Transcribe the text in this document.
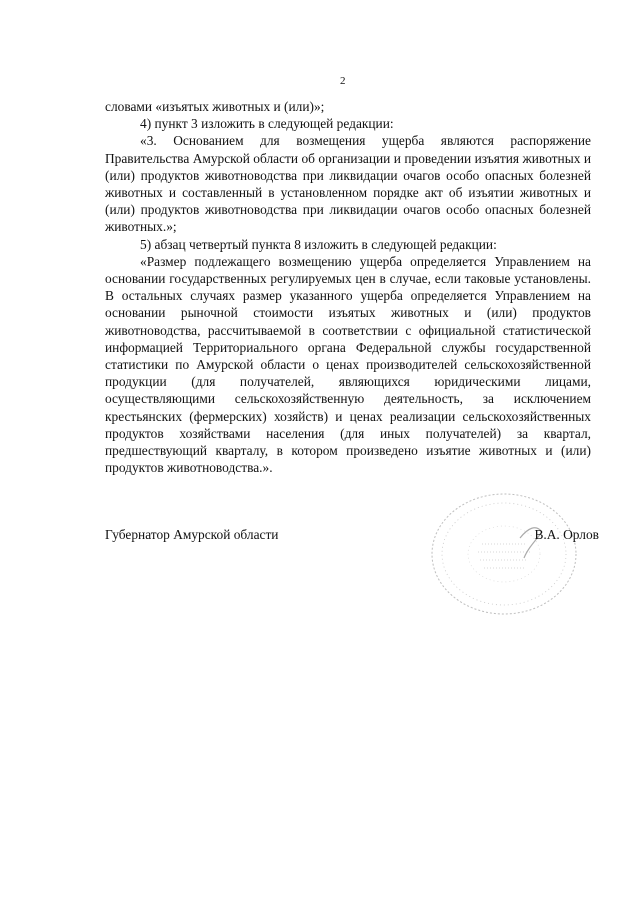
2

словами «изъятых животных и (или)»;

4) пункт 3 изложить в следующей редакции:

«3. Основанием для возмещения ущерба являются распоряжение Правительства Амурской области об организации и проведении изъятия животных и (или) продуктов животноводства при ликвидации очагов особо опасных болезней животных и составленный в установленном порядке акт об изъятии животных и (или) продуктов животноводства при ликвидации очагов особо опасных болезней животных.»;

5) абзац четвертый пункта 8 изложить в следующей редакции:

«Размер подлежащего возмещению ущерба определяется Управлением на основании государственных регулируемых цен в случае, если таковые установлены. В остальных случаях размер указанного ущерба определяется Управлением на основании рыночной стоимости изъятых животных и (или) продуктов животноводства, рассчитываемой в соответствии с официальной статистической информацией Территориального органа Федеральной службы государственной статистики по Амурской области о ценах производителей сельскохозяйственной продукции (для получателей, являющихся юридическими лицами, осуществляющими сельскохозяйственную деятельность, за исключением крестьянских (фермерских) хозяйств) и ценах реализации сельскохозяйственных продуктов хозяйствами населения (для иных получателей) за квартал, предшествующий кварталу, в котором произведено изъятие животных и (или) продуктов животноводства.».

Губернатор Амурской области	В.А. Орлов
